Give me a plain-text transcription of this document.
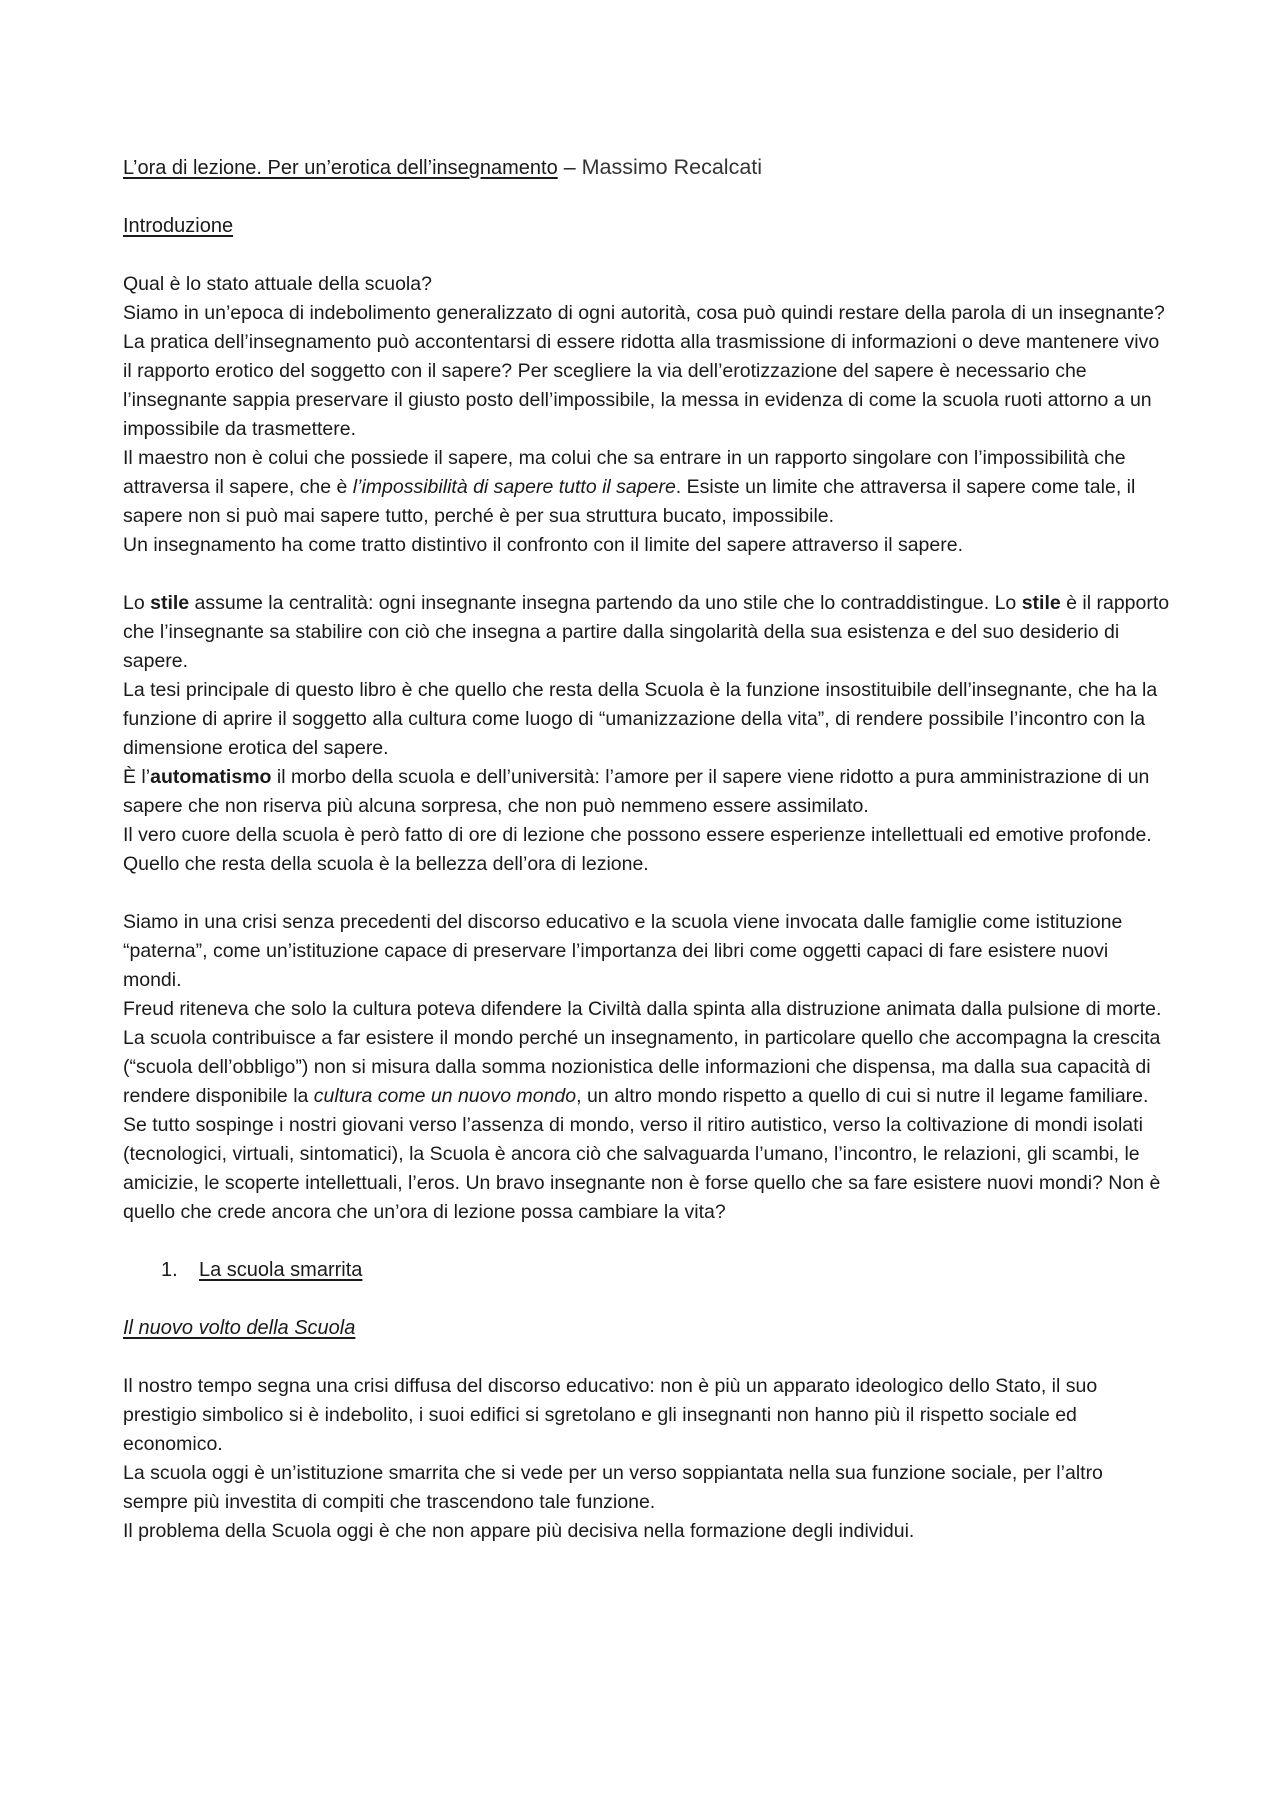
L’ora di lezione. Per un’erotica dell’insegnamento – Massimo Recalcati

Introduzione

Qual è lo stato attuale della scuola?

Siamo in un’epoca di indebolimento generalizzato di ogni autorità, cosa può quindi restare della parola di un insegnante? La pratica dell’insegnamento può accontentarsi di essere ridotta alla trasmissione di informazioni o deve mantenere vivo il rapporto erotico del soggetto con il sapere? Per scegliere la via dell’erotizzazione del sapere è necessario che l’insegnante sappia preservare il giusto posto dell’impossibile, la messa in evidenza di come la scuola ruoti attorno a un impossibile da trasmettere.

Il maestro non è colui che possiede il sapere, ma colui che sa entrare in un rapporto singolare con l’impossibilità che attraversa il sapere, che è l’impossibilità di sapere tutto il sapere. Esiste un limite che attraversa il sapere come tale, il sapere non si può mai sapere tutto, perché è per sua struttura bucato, impossibile.

Un insegnamento ha come tratto distintivo il confronto con il limite del sapere attraverso il sapere.

Lo stile assume la centralità: ogni insegnante insegna partendo da uno stile che lo contraddistingue. Lo stile è il rapporto che l’insegnante sa stabilire con ciò che insegna a partire dalla singolarità della sua esistenza e del suo desiderio di sapere.

La tesi principale di questo libro è che quello che resta della Scuola è la funzione insostituibile dell’insegnante, che ha la funzione di aprire il soggetto alla cultura come luogo di “umanizzazione della vita”, di rendere possibile l’incontro con la dimensione erotica del sapere.

È l’automatismo il morbo della scuola e dell’università: l’amore per il sapere viene ridotto a pura amministrazione di un sapere che non riserva più alcuna sorpresa, che non può nemmeno essere assimilato.

Il vero cuore della scuola è però fatto di ore di lezione che possono essere esperienze intellettuali ed emotive profonde. Quello che resta della scuola è la bellezza dell’ora di lezione.

Siamo in una crisi senza precedenti del discorso educativo e la scuola viene invocata dalle famiglie come istituzione “paterna”, come un’istituzione capace di preservare l’importanza dei libri come oggetti capaci di fare esistere nuovi mondi.

Freud riteneva che solo la cultura poteva difendere la Civiltà dalla spinta alla distruzione animata dalla pulsione di morte.

La scuola contribuisce a far esistere il mondo perché un insegnamento, in particolare quello che accompagna la crescita (“scuola dell’obbligo”) non si misura dalla somma nozionistica delle informazioni che dispensa, ma dalla sua capacità di rendere disponibile la cultura come un nuovo mondo, un altro mondo rispetto a quello di cui si nutre il legame familiare.

Se tutto sospinge i nostri giovani verso l’assenza di mondo, verso il ritiro autistico, verso la coltivazione di mondi isolati (tecnologici, virtuali, sintomatici), la Scuola è ancora ciò che salvaguarda l’umano, l’incontro, le relazioni, gli scambi, le amicizie, le scoperte intellettuali, l’eros. Un bravo insegnante non è forse quello che sa fare esistere nuovi mondi? Non è quello che crede ancora che un’ora di lezione possa cambiare la vita?

1.	La scuola smarrita

Il nuovo volto della Scuola

Il nostro tempo segna una crisi diffusa del discorso educativo: non è più un apparato ideologico dello Stato, il suo prestigio simbolico si è indebolito, i suoi edifici si sgretolano e gli insegnanti non hanno più il rispetto sociale ed economico.

La scuola oggi è un’istituzione smarrita che si vede per un verso soppiantata nella sua funzione sociale, per l’altro sempre più investita di compiti che trascendono tale funzione.

Il problema della Scuola oggi è che non appare più decisiva nella formazione degli individui.
